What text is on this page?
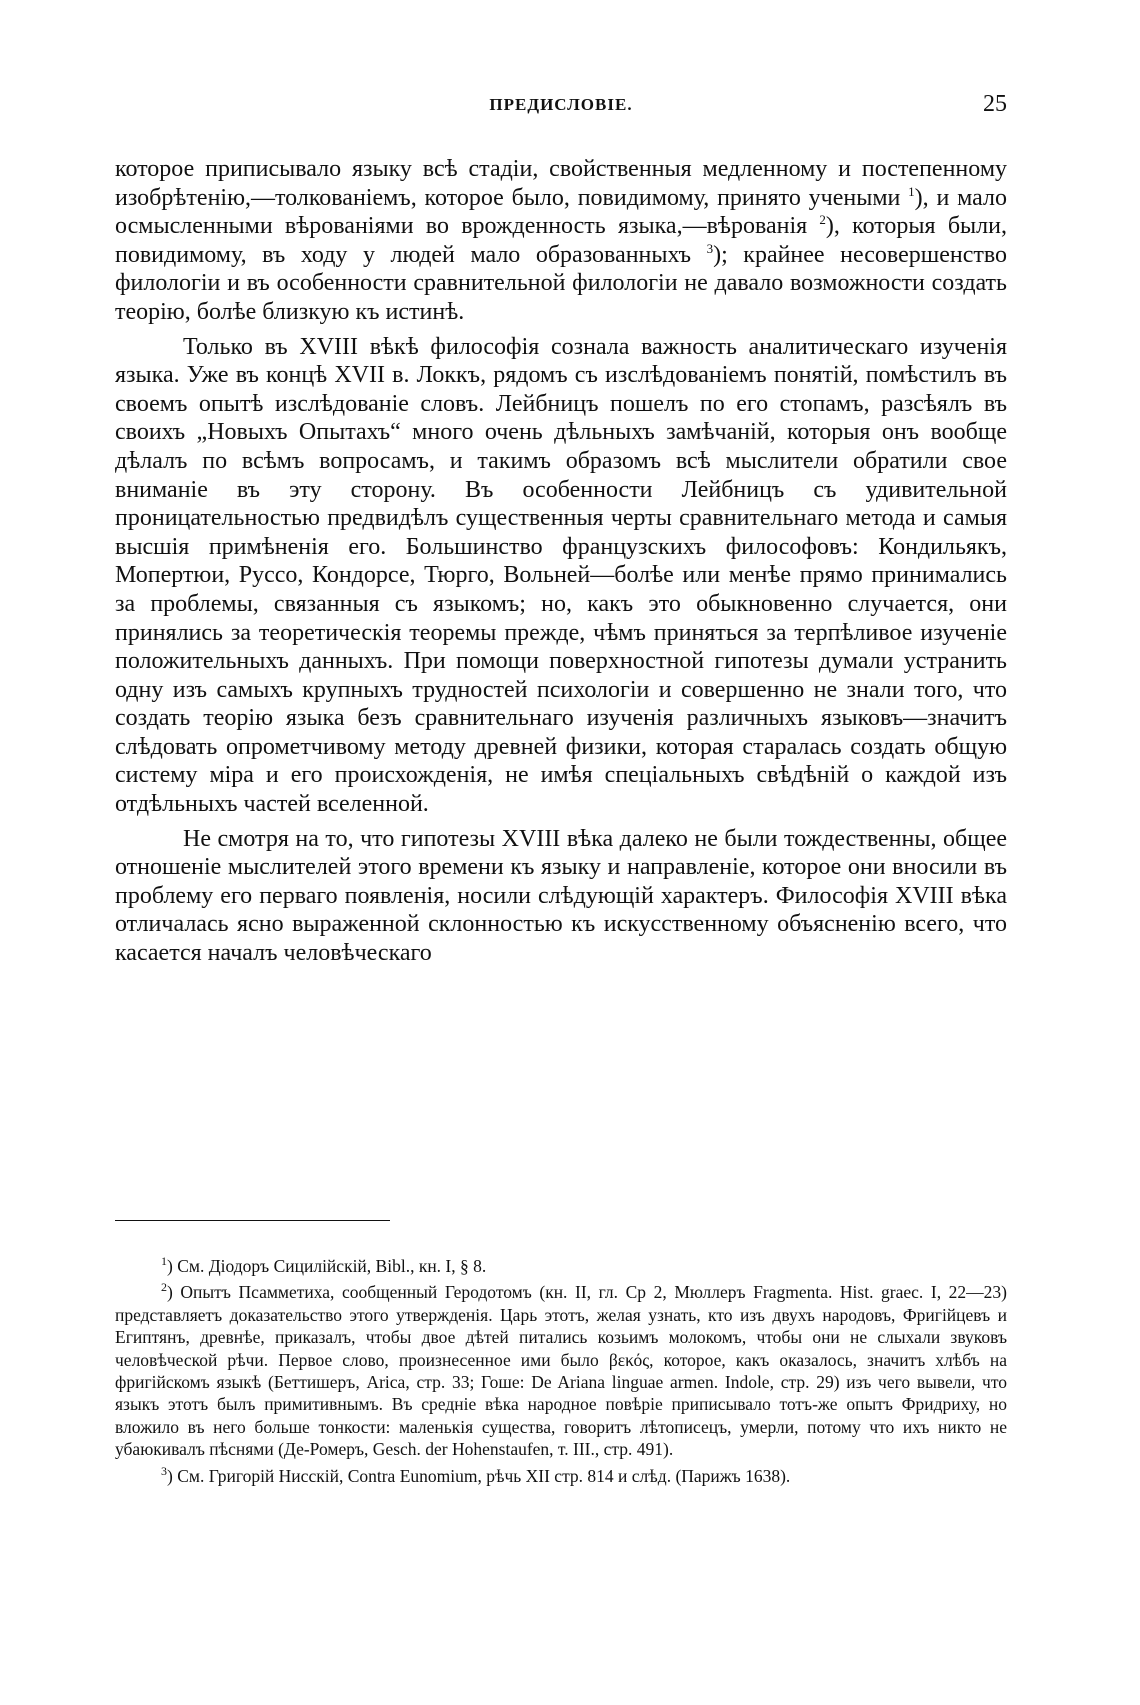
ПРЕДИСЛОВІЕ.	25

которое приписывало языку всѣ стадіи, свойственныя медленному и постепенному изобрѣтенію,—толкованіемъ, которое было, повидимому, принято учеными $^1$), и мало осмысленными вѣрованіями во врожденность языка,—вѣрованія $^2$), которыя были, повидимому, въ ходу у людей мало образованныхъ $^3$); крайнее несовершенство филологіи и въ особенности сравнительной филологіи не давало возможности создать теорію, болѣе близкую къ истинѣ.

Только въ XVIII вѣкѣ философія сознала важность аналитическаго изученія языка. Уже въ концѣ XVII в. Локкъ, рядомъ съ изслѣдованіемъ понятій, помѣстилъ въ своемъ опытѣ изслѣдованіе словъ. Лейбницъ пошелъ по его стопамъ, разсѣялъ въ своихъ „Новыхъ Опытахъ“ много очень дѣльныхъ замѣчаній, которыя онъ вообще дѣлалъ по всѣмъ вопросамъ, и такимъ образомъ всѣ мыслители обратили свое вниманіе въ эту сторону. Въ особенности Лейбницъ съ удивительной проницательностью предвидѣлъ существенныя черты сравнительнаго метода и самыя высшія примѣненія его. Большинство французскихъ философовъ: Кондильякъ, Мопертюи, Руссо, Кондорсе, Тюрго, Вольней—болѣе или менѣе прямо принимались за проблемы, связанныя съ языкомъ; но, какъ это обыкновенно случается, они принялись за теоретическія теоремы прежде, чѣмъ приняться за терпѣливое изученіе положительныхъ данныхъ. При помощи поверхностной гипотезы думали устранить одну изъ самыхъ крупныхъ трудностей психологіи и совершенно не знали того, что создать теорію языка безъ сравнительнаго изученія различныхъ языковъ—значитъ слѣдовать опрометчивому методу древней физики, которая старалась создать общую систему міра и его происхожденія, не имѣя спеціальныхъ свѣдѣній о каждой изъ отдѣльныхъ частей вселенной.

Не смотря на то, что гипотезы XVIII вѣка далеко не были тождественны, общее отношеніе мыслителей этого времени къ языку и направленіе, которое они вносили въ проблему его перваго появленія, носили слѣдующій характеръ. Философія XVIII вѣка отличалась ясно выраженной склонностью къ искусственному объясненію всего, что касается началъ человѣческаго

$^1$) См. Діодоръ Сицилійскій, Bibl., кн. I, § 8.

$^2$) Опытъ Псамметиха, сообщенный Геродотомъ (кн. II, гл. Ср 2, Мюллеръ Fragmenta. Hist. graec. I, 22—23) представляетъ доказательство этого утвержденія. Царь этотъ, желая узнать, кто изъ двухъ народовъ, Фригійцевъ и Египтянъ, древнѣе, приказалъ, чтобы двое дѣтей питались козьимъ молокомъ, чтобы они не слыхали звуковъ человѣческой рѣчи. Первое слово, произнесенное ими было βεκός, которое, какъ оказалось, значитъ хлѣбъ на фригійскомъ языкѣ (Беттишеръ, Arica, стр. 33; Гоше: De Ariana linguae armen. Indole, стр. 29) изъ чего вывели, что языкъ этотъ былъ примитивнымъ. Въ средніе вѣка народное повѣріе приписывало тотъ-же опытъ Фридриху, но вложило въ него больше тонкости: маленькія существа, говоритъ лѣтописецъ, умерли, потому что ихъ никто не убаюкивалъ пѣснями (Де-Ромеръ, Gesch. der Hohenstaufen, т. III., стр. 491).

$^3$) См. Григорій Нисскій, Contra Eunomium, рѣчь XII стр. 814 и слѣд. (Парижъ 1638).
